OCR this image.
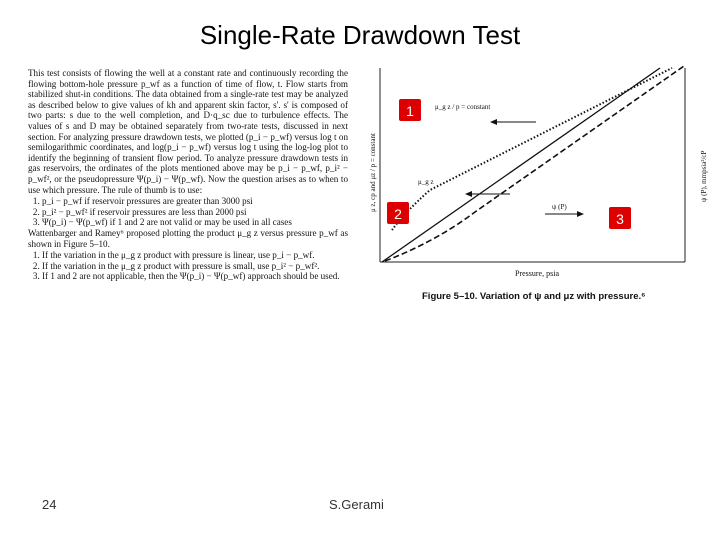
Single-Rate Drawdown Test

This test consists of flowing the well at a constant rate and continuously recording the flowing bottom-hole pressure p_wf as a function of time of flow, t. Flow starts from stabilized shut-in conditions. The data obtained from a single-rate test may be analyzed as described below to give values of kh and apparent skin factor, s'. s' is composed of two parts: s due to the well completion, and D·q_sc due to turbulence effects. The values of s and D may be obtained separately from two-rate tests, discussed in next section. For analyzing pressure drawdown tests, we plotted (p_i − p_wf) versus log t on semilogarithmic coordinates, and log(p_i − p_wf) versus log t using the log-log plot to identify the beginning of transient flow period. To analyze pressure drawdown tests in gas reservoirs, the ordinates of the plots mentioned above may be p_i − p_wf, p_i² − p_wf², or the pseudopressure Ψ(p_i) − Ψ(p_wf). Now the question arises as to when to use which pressure. The rule of thumb is to use:

1. p_i − p_wf if reservoir pressures are greater than 3000 psi
2. p_i² − p_wf² if reservoir pressures are less than 2000 psi
3. Ψ(p_i) − Ψ(p_wf) if 1 and 2 are not valid or may be used in all cases

Wattenbarger and Ramey⁶ proposed plotting the product μ_g z versus pressure p_wf as shown in Figure 5–10.

1. If the variation in the μ_g z product with pressure is linear, use p_i − p_wf.
2. If the variation in the μ_g z product with pressure is small, use p_i² − p_wf².
3. If 1 and 2 are not applicable, then the Ψ(p_i) − Ψ(p_wf) approach should be used.
μ_g z / p = constant
μ_g z
ψ (P)
Pressure, psia
μ z, cp and μz / p = constant	ψ (P), mmpsia²/cP
1
2	3
Figure 5–10. Variation of ψ and μz with pressure.⁶
24	S.Gerami
